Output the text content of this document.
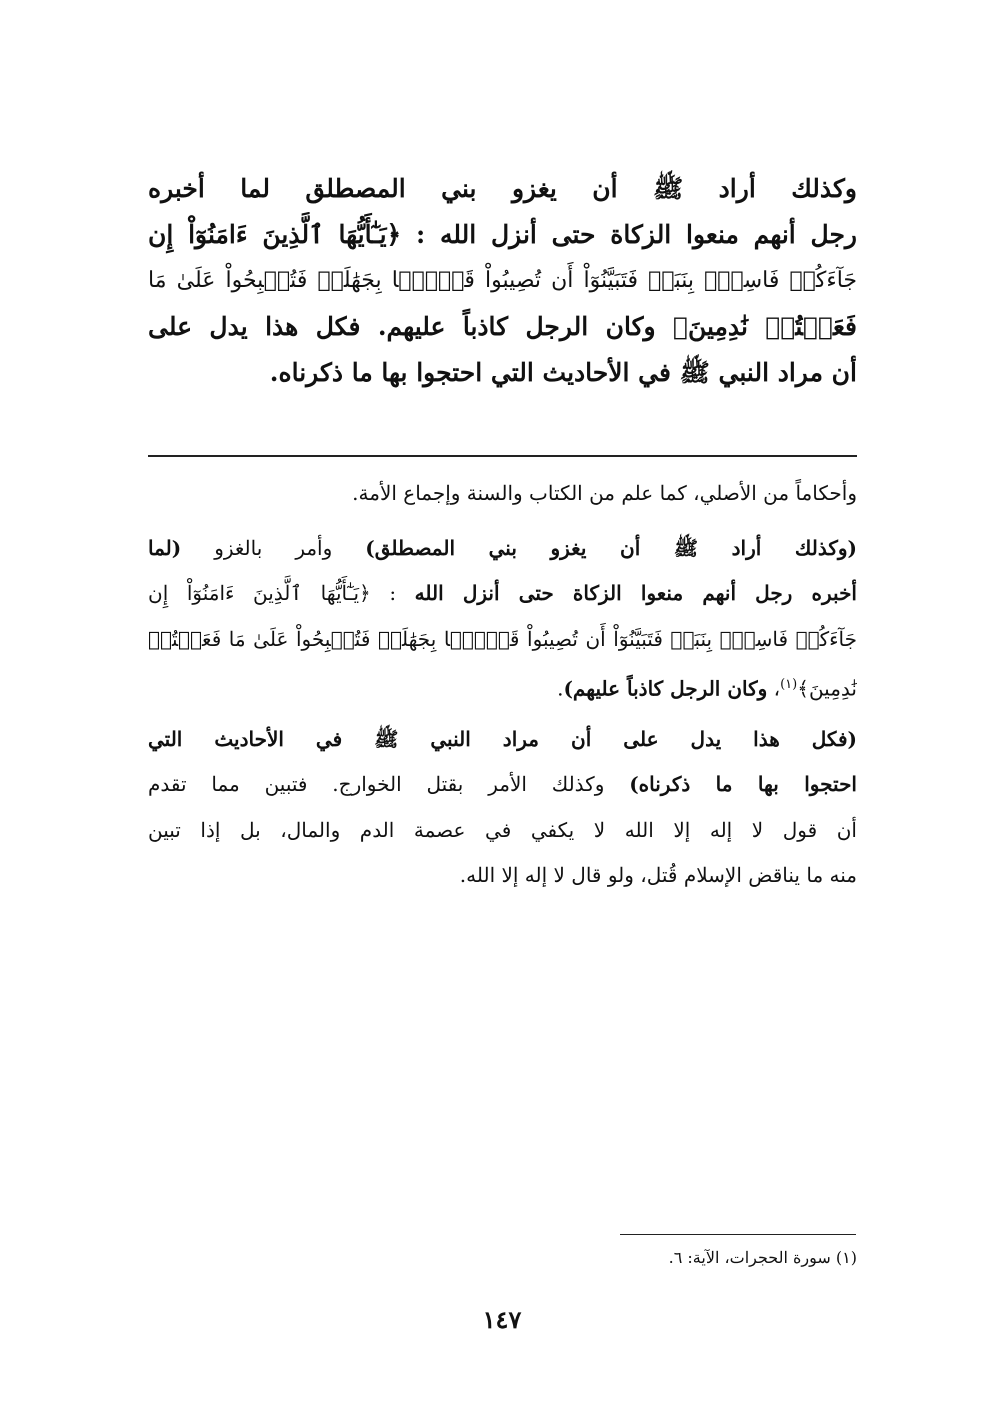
وكذلك أراد ﷺ أن يغزو بني المصطلق لما أخبره
رجل أنهم منعوا الزكاة حتى أنزل الله : ﴿يَـٰٓأَيُّهَا ٱلَّذِينَ ءَامَنُوٓاْ إِن
جَآءَكُمۡ فَاسِقُۢ بِنَبَإٖ فَتَبَيَّنُوٓاْ أَن تُصِيبُواْ قَوۡمَۢا بِجَهَٰلَةٖ فَتُصۡبِحُواْ عَلَىٰ مَا
فَعَلۡتُمۡ نَٰدِمِينَ﴾ وكان الرجل كاذباً عليهم. فكل هذا يدل على
أن مراد النبي ﷺ في الأحاديث التي احتجوا بها ما ذكرناه.
وأحكاماً من الأصلي، كما علم من الكتاب والسنة وإجماع الأمة.
(وكذلك أراد ﷺ أن يغزو بني المصطلق) وأمر بالغزو (لما
أخبره رجل أنهم منعوا الزكاة حتى أنزل الله : ﴿يَـٰٓأَيُّهَا ٱلَّذِينَ ءَامَنُوٓاْ إِن
جَآءَكُمۡ فَاسِقُۢ بِنَبَإٖ فَتَبَيَّنُوٓاْ أَن تُصِيبُواْ قَوۡمَۢا بِجَهَٰلَةٖ فَتُصۡبِحُواْ عَلَىٰ مَا فَعَلۡتُمۡ
نَٰدِمِينَ﴾$^{(١)}$، وكان الرجل كاذباً عليهم).
(فكل هذا يدل على أن مراد النبي ﷺ في الأحاديث التي
احتجوا بها ما ذكرناه) وكذلك الأمر بقتل الخوارج. فتبين مما تقدم
أن قول لا إله إلا الله لا يكفي في عصمة الدم والمال، بل إذا تبين
منه ما يناقض الإسلام قُتل، ولو قال لا إله إلا الله.
(١) سورة الحجرات، الآية: ٦.
١٤٧
